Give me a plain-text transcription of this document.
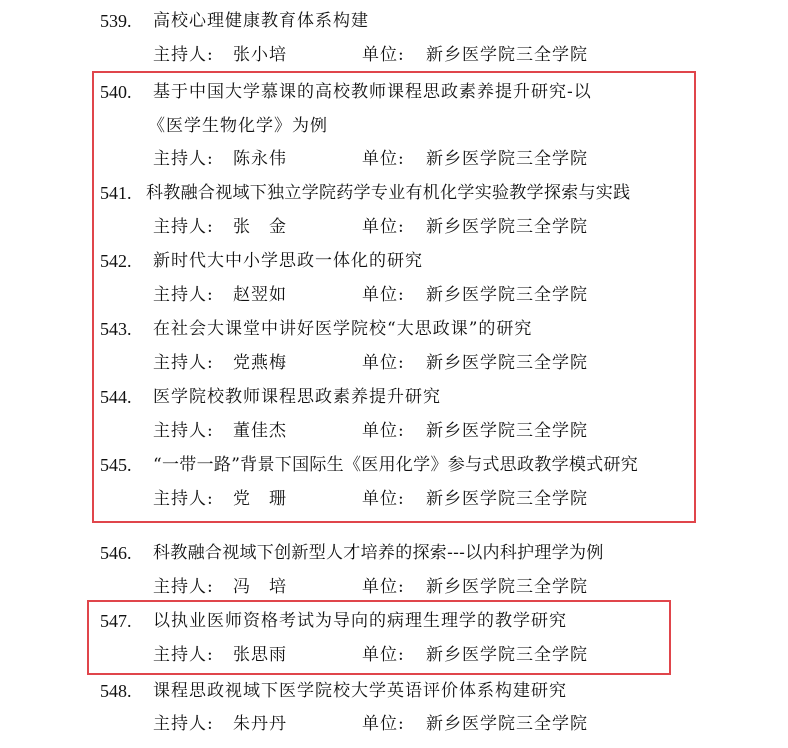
539. 高校心理健康教育体系构建
主持人: 张小培	单位: 新乡医学院三全学院
540. 基于中国大学慕课的高校教师课程思政素养提升研究-以
《医学生物化学》为例
主持人: 陈永伟	单位: 新乡医学院三全学院
541. 科教融合视域下独立学院药学专业有机化学实验教学探索与实践
主持人: 张　金	单位: 新乡医学院三全学院
542. 新时代大中小学思政一体化的研究
主持人: 赵翌如	单位: 新乡医学院三全学院
543. 在社会大课堂中讲好医学院校“大思政课”的研究
主持人: 党燕梅	单位: 新乡医学院三全学院
544. 医学院校教师课程思政素养提升研究
主持人: 董佳杰	单位: 新乡医学院三全学院
545. “一带一路”背景下国际生《医用化学》参与式思政教学模式研究
主持人: 党　珊	单位: 新乡医学院三全学院
546. 科教融合视域下创新型人才培养的探索---以内科护理学为例
主持人: 冯　培	单位: 新乡医学院三全学院
547. 以执业医师资格考试为导向的病理生理学的教学研究
主持人: 张思雨	单位: 新乡医学院三全学院
548. 课程思政视域下医学院校大学英语评价体系构建研究
主持人: 朱丹丹	单位: 新乡医学院三全学院
